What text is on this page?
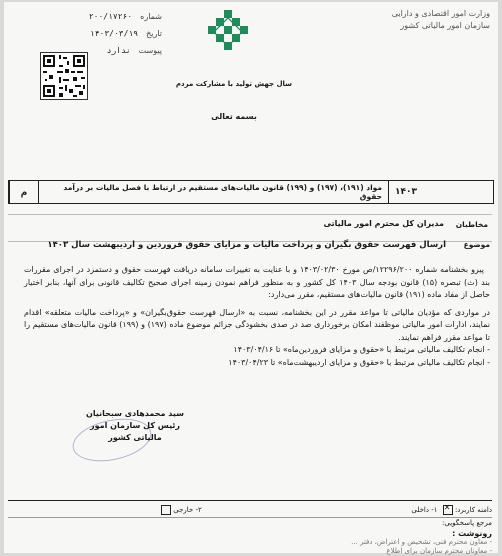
شماره
۲۰۰/۱۷۲۶۰
تاریخ
۱۴۰۳/۰۳/۱۹
پیوست
ندارد
وزارت امور اقتصادی و دارایی
سازمان امور مالیاتی کشور
سال جهش تولید با مشارکت مردم
بسمه تعالی
۱۴۰۳
مواد (۱۹۱)، (۱۹۷) و (۱۹۹) قانون مالیات‌های مستقیم در ارتباط با فصل مالیات بر درآمد حقوق
م
مخاطبان
مدیران کل محترم امور مالیاتی
موضوع
ارسال فهرست حقوق بگیران و پرداخت مالیات و مزایای حقوق فروردین و اردیبهشت سال ۱۴۰۳

پیرو بخشنامه شماره ۱۲۲۹۶/۲۰۰/ص مورخ ۱۴۰۳/۰۲/۳۰ و با عنایت به تغییرات سامانه دریافت فهرست حقوق و دستمزد در اجرای مقررات بند (ث) تبصره (۱۵) قانون بودجه سال ۱۴۰۳ کل کشور و به منظور فراهم نمودن زمینه اجرای صحیح تکالیف قانونی برای آنها، بنابر اختیار حاصل از مفاد ماده (۱۹۱) قانون مالیات‌های مستقیم، مقرر می‌دارد:

در مواردی که مؤدیان مالیاتی تا مواعد مقرر در این بخشنامه، نسبت به «ارسال فهرست حقوق‌بگیران» و «پرداخت مالیات متعلقه» اقدام نمایند، ادارات امور مالیاتی موظفند امکان برخورداری صد در صدی بخشودگی جرائم موضوع ماده (۱۹۷) و (۱۹۹) قانون مالیات‌های مستقیم را تا مواعد مقرر فراهم نمایند.

- انجام تکالیف مالیاتی مرتبط با «حقوق و مزایای فروردین‌ماه» تا ۱۴۰۳/۰۴/۱۶

- انجام تکالیف مالیاتی مرتبط با «حقوق و مزایای اردیبهشت‌ماه» تا ۱۴۰۳/۰۴/۲۳

سید محمدهادی سبحانیان
رئیس کل سازمان امور مالیاتی کشور
دامنه کاربرد: ✕ ۱- داخلی
۲- خارجی
مرجع پاسخگویی:
رونوشت :
- معاون محترم فنی، تشخیص و اعتراض، دفتر ...
- معاونان محترم سازمان برای اطلاع
